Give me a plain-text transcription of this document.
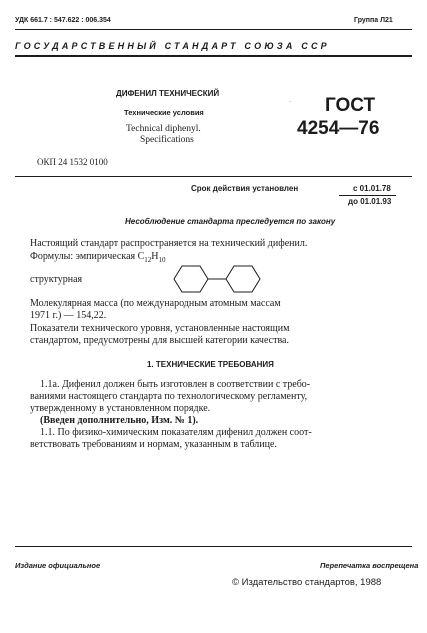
УДК 661.7 : 547.622 : 006.354	Группа Л21
ГОСУДАРСТВЕННЫЙ СТАНДАРТ СОЮЗА ССР
ДИФЕНИЛ ТЕХНИЧЕСКИЙ
Технические условия
Technical diphenyl.
Specifications
– ГОСТ
4254—76
ОКП 24 1532 0100
Срок действия установлен	с 01.01.78
до 01.01.93
Несоблюдение стандарта преследуется по закону
Настоящий стандарт распространяется на технический дифенил.
Формулы: эмпирическая $С_{12}Н_{10}$
структурная
Молекулярная масса (по международным атомным массам
1971 г.) — 154,22.
Показатели технического уровня, установленные настоящим
стандартом, предусмотрены для высшей категории качества.
1. ТЕХНИЧЕСКИЕ ТРЕБОВАНИЯ
1.1а. Дифенил должен быть изготовлен в соответствии с требо-
ваниями настоящего стандарта по технологическому регламенту,
утвержденному в установленном порядке.
(Введен дополнительно, Изм. № 1).
1.1. По физико-химическим показателям дифенил должен соот-
ветствовать требованиям и нормам, указанным в таблице.
Издание официальное	Перепечатка воспрещена
© Издательство стандартов, 1988
